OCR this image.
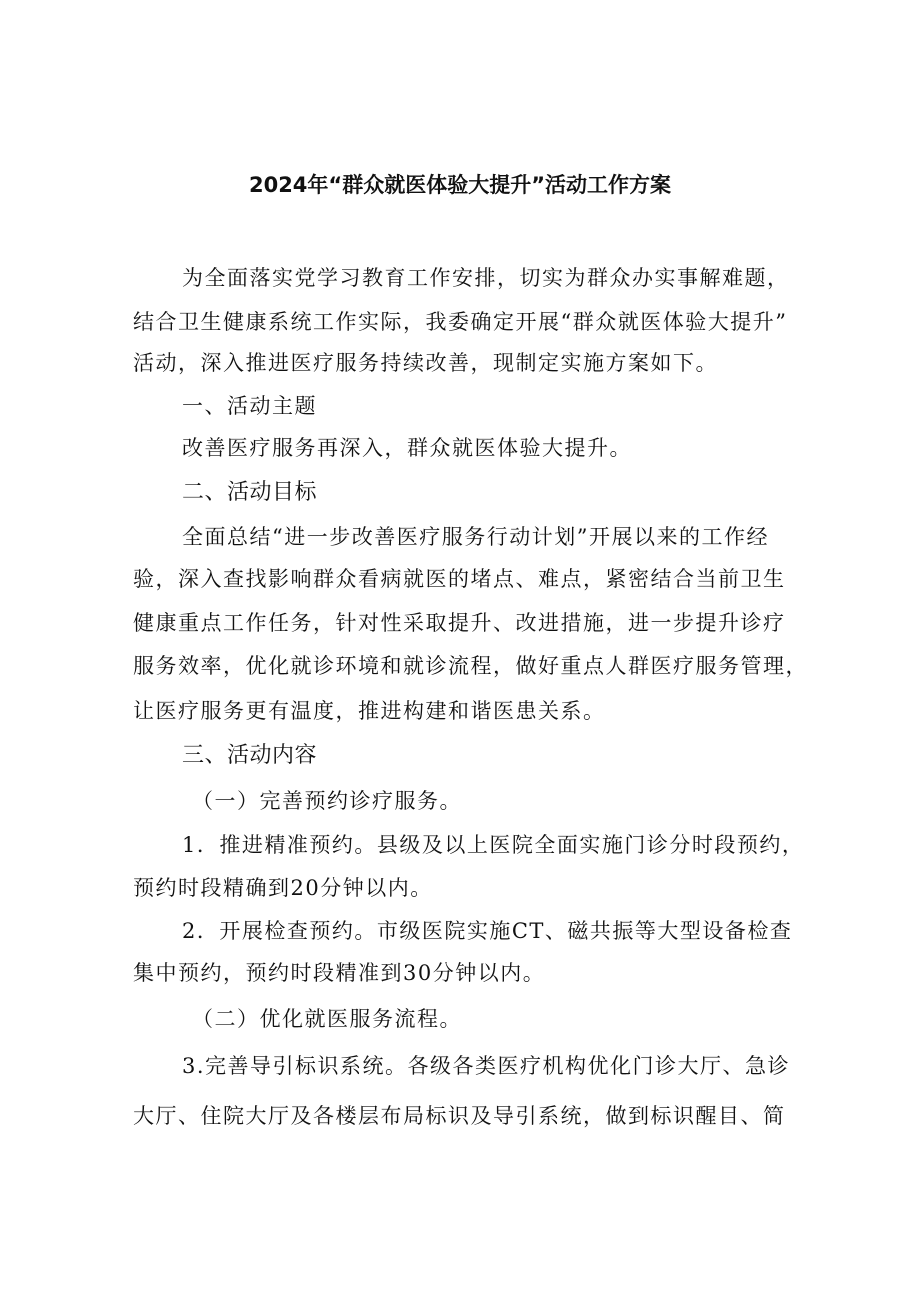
2024年“群众就医体验大提升”活动工作方案

为全面落实党学习教育工作安排，切实为群众办实事解难题，

结合卫生健康系统工作实际，我委确定开展“群众就医体验大提升”

活动，深入推进医疗服务持续改善，现制定实施方案如下。

一、活动主题

改善医疗服务再深入，群众就医体验大提升。

二、活动目标

全面总结“进一步改善医疗服务行动计划”开展以来的工作经

验，深入查找影响群众看病就医的堵点、难点，紧密结合当前卫生

健康重点工作任务，针对性采取提升、改进措施，进一步提升诊疗

服务效率，优化就诊环境和就诊流程，做好重点人群医疗服务管理，

让医疗服务更有温度，推进构建和谐医患关系。

三、活动内容

（一）完善预约诊疗服务。

1．推进精准预约。县级及以上医院全面实施门诊分时段预约，

预约时段精确到20分钟以内。

2．开展检查预约。市级医院实施CT、磁共振等大型设备检查

集中预约，预约时段精准到30分钟以内。

（二）优化就医服务流程。

3.完善导引标识系统。各级各类医疗机构优化门诊大厅、急诊

大厅、住院大厅及各楼层布局标识及导引系统，做到标识醒目、简
